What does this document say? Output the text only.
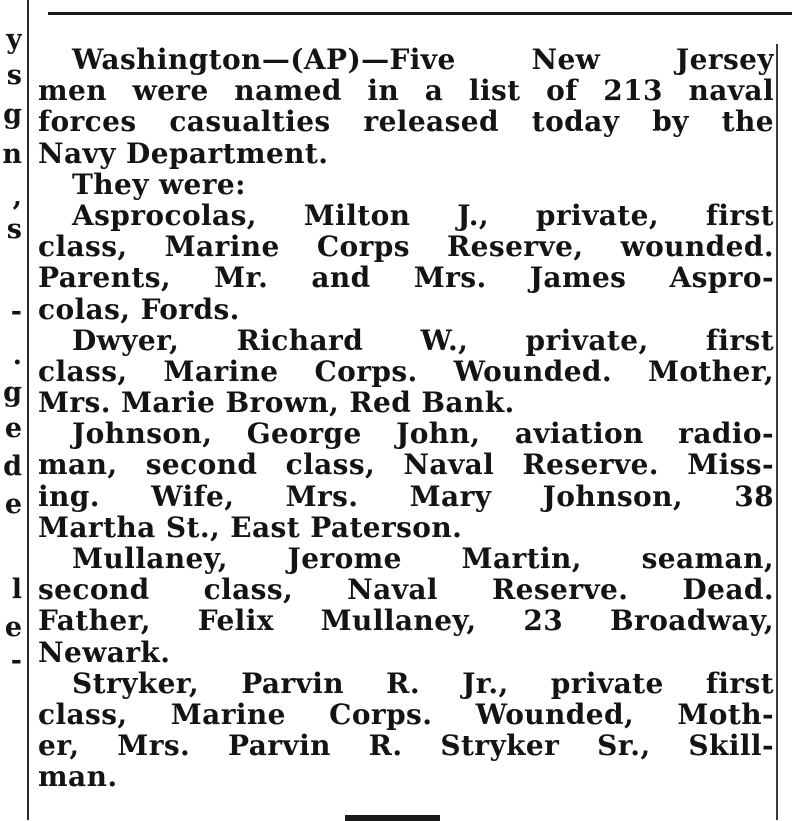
y
s
g
n
,
s
-
.
g
e
d
e
l
e
-
Washington—(AP)—Five New Jersey
men were named in a list of 213 naval
forces casualties released today by the
Navy Department.
They were:
Asprocolas, Milton J., private, first
class, Marine Corps Reserve, wounded.
Parents, Mr. and Mrs. James Aspro-
colas, Fords.
Dwyer, Richard W., private, first
class, Marine Corps. Wounded. Mother,
Mrs. Marie Brown, Red Bank.
Johnson, George John, aviation radio-
man, second class, Naval Reserve. Miss-
ing. Wife, Mrs. Mary Johnson, 38
Martha St., East Paterson.
Mullaney, Jerome Martin, seaman,
second class, Naval Reserve. Dead.
Father, Felix Mullaney, 23 Broadway,
Newark.
Stryker, Parvin R. Jr., private first
class, Marine Corps. Wounded, Moth-
er, Mrs. Parvin R. Stryker Sr., Skill-
man.
